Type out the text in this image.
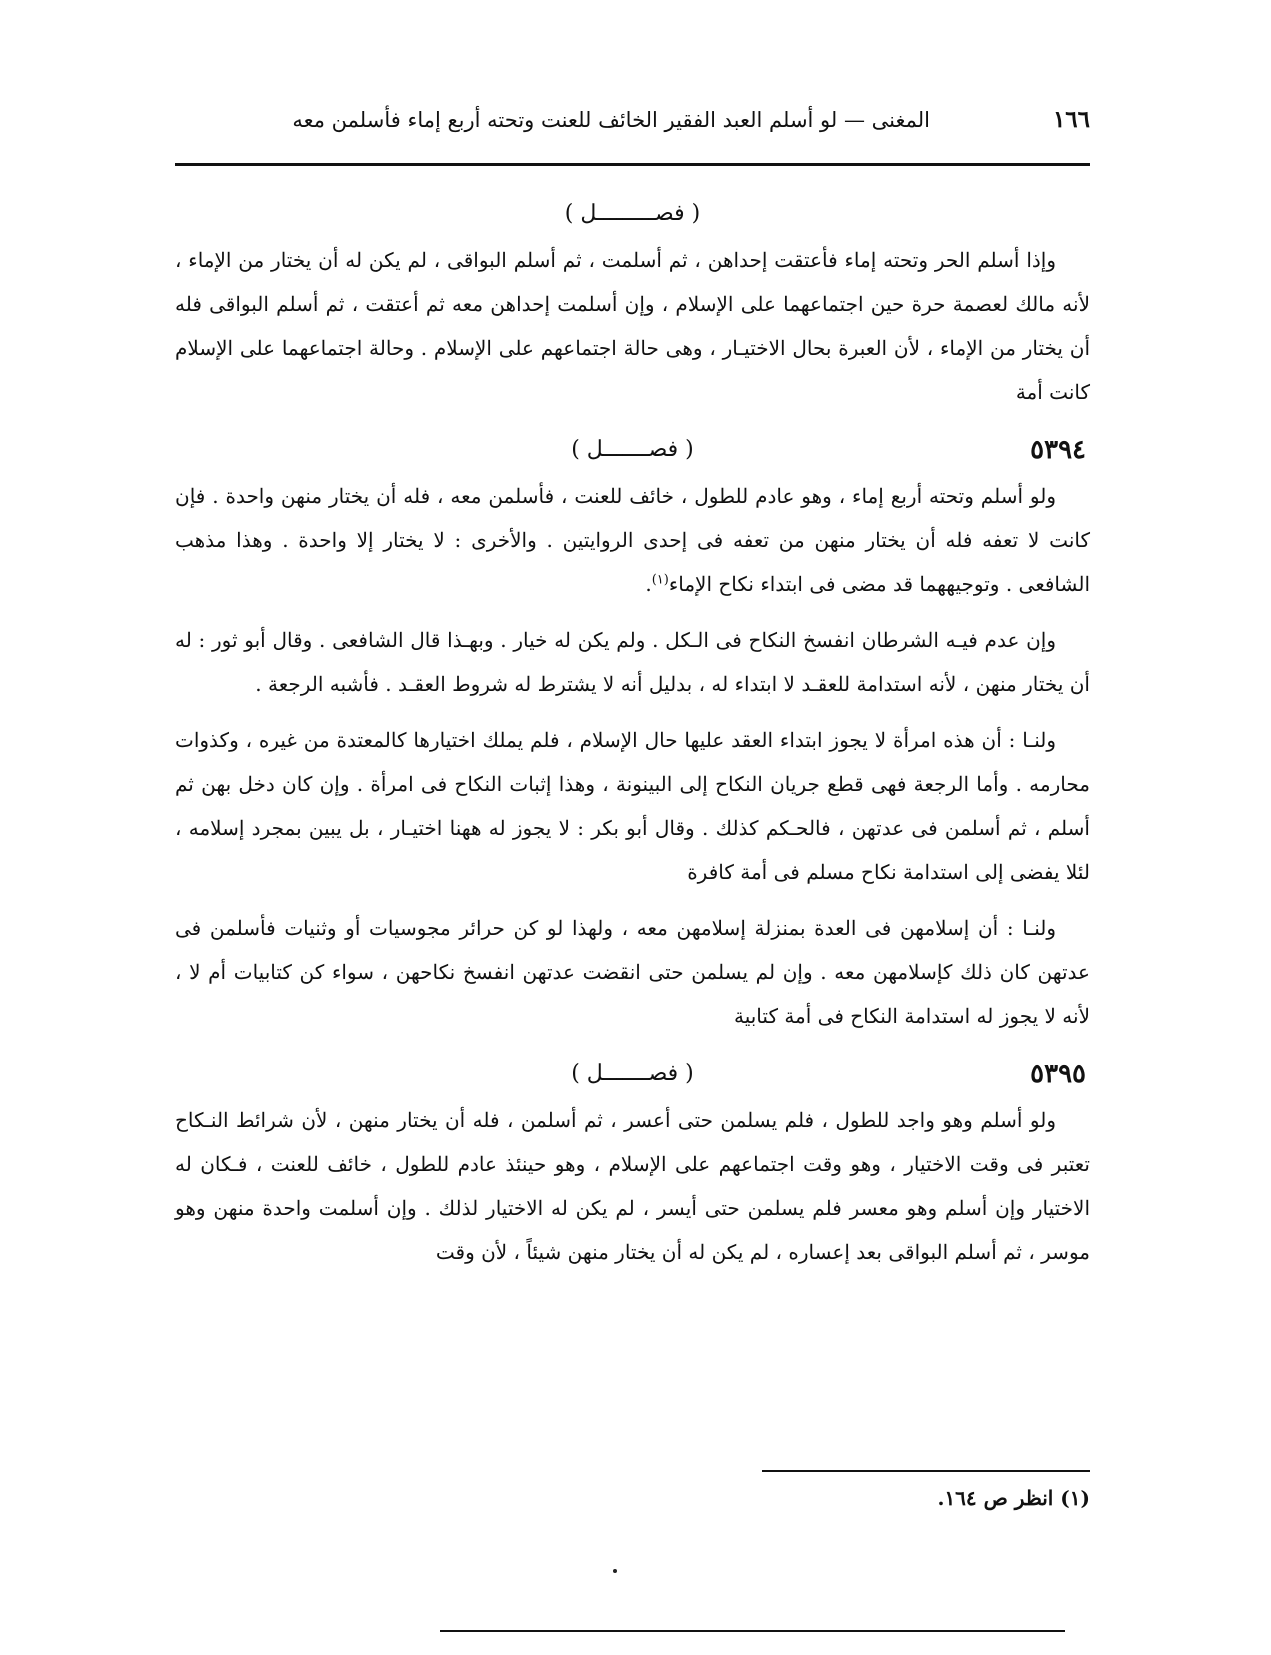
١٦٦
المغنى — لو أسلم العبد الفقير الخائف للعنت وتحته أربع إماء فأسلمن معه
( فصـــــــــل )

وإذا أسلم الحر وتحته إماء فأعتقت إحداهن ، ثم أسلمت ، ثم أسلم البواقى ، لم يكن له أن يختار من الإماء ، لأنه مالك لعصمة حرة حين اجتماعهما على الإسلام ، وإن أسلمت إحداهن معه ثم أعتقت ، ثم أسلم البواقى فله أن يختار من الإماء ، لأن العبرة بحال الاختيـار ، وهى حالة اجتماعهم على الإسلام . وحالة اجتماعهما على الإسلام كانت أمة

٥٣٩٤
( فصـــــــل )

ولو أسلم وتحته أربع إماء ، وهو عادم للطول ، خائف للعنت ، فأسلمن معه ، فله أن يختار منهن واحدة . فإن كانت لا تعفه فله أن يختار منهن من تعفه فى إحدى الروايتين . والأخرى : لا يختار إلا واحدة . وهذا مذهب الشافعى . وتوجيههما قد مضى فى ابتداء نكاح الإماء$^{(١)}$.

وإن عدم فيـه الشرطان انفسخ النكاح فى الـكل . ولم يكن له خيار . وبهـذا قال الشافعى . وقال أبو ثور : له أن يختار منهن ، لأنه استدامة للعقـد لا ابتداء له ، بدليل أنه لا يشترط له شروط العقـد . فأشبه الرجعة .

ولنـا : أن هذه امرأة لا يجوز ابتداء العقد عليها حال الإسلام ، فلم يملك اختيارها كالمعتدة من غيره ، وكذوات محارمه . وأما الرجعة فهى قطع جريان النكاح إلى البينونة ، وهذا إثبات النكاح فى امرأة . وإن كان دخل بهن ثم أسلم ، ثم أسلمن فى عدتهن ، فالحـكم كذلك . وقال أبو بكر : لا يجوز له ههنا اختيـار ، بل يبين بمجرد إسلامه ، لئلا يفضى إلى استدامة نكاح مسلم فى أمة كافرة

ولنـا : أن إسلامهن فى العدة بمنزلة إسلامهن معه ، ولهذا لو كن حرائر مجوسيات أو وثنيات فأسلمن فى عدتهن كان ذلك كإسلامهن معه . وإن لم يسلمن حتى انقضت عدتهن انفسخ نكاحهن ، سواء كن كتابيات أم لا ، لأنه لا يجوز له استدامة النكاح فى أمة كتابية

٥٣٩٥
( فصـــــــل )

ولو أسلم وهو واجد للطول ، فلم يسلمن حتى أعسر ، ثم أسلمن ، فله أن يختار منهن ، لأن شرائط النـكاح تعتبر فى وقت الاختيار ، وهو وقت اجتماعهم على الإسلام ، وهو حينئذ عادم للطول ، خائف للعنت ، فـكان له الاختيار وإن أسلم وهو معسر فلم يسلمن حتى أيسر ، لم يكن له الاختيار لذلك . وإن أسلمت واحدة منهن وهو موسر ، ثم أسلم البواقى بعد إعساره ، لم يكن له أن يختار منهن شيئاً ، لأن وقت

(١) انظر ص ١٦٤.
